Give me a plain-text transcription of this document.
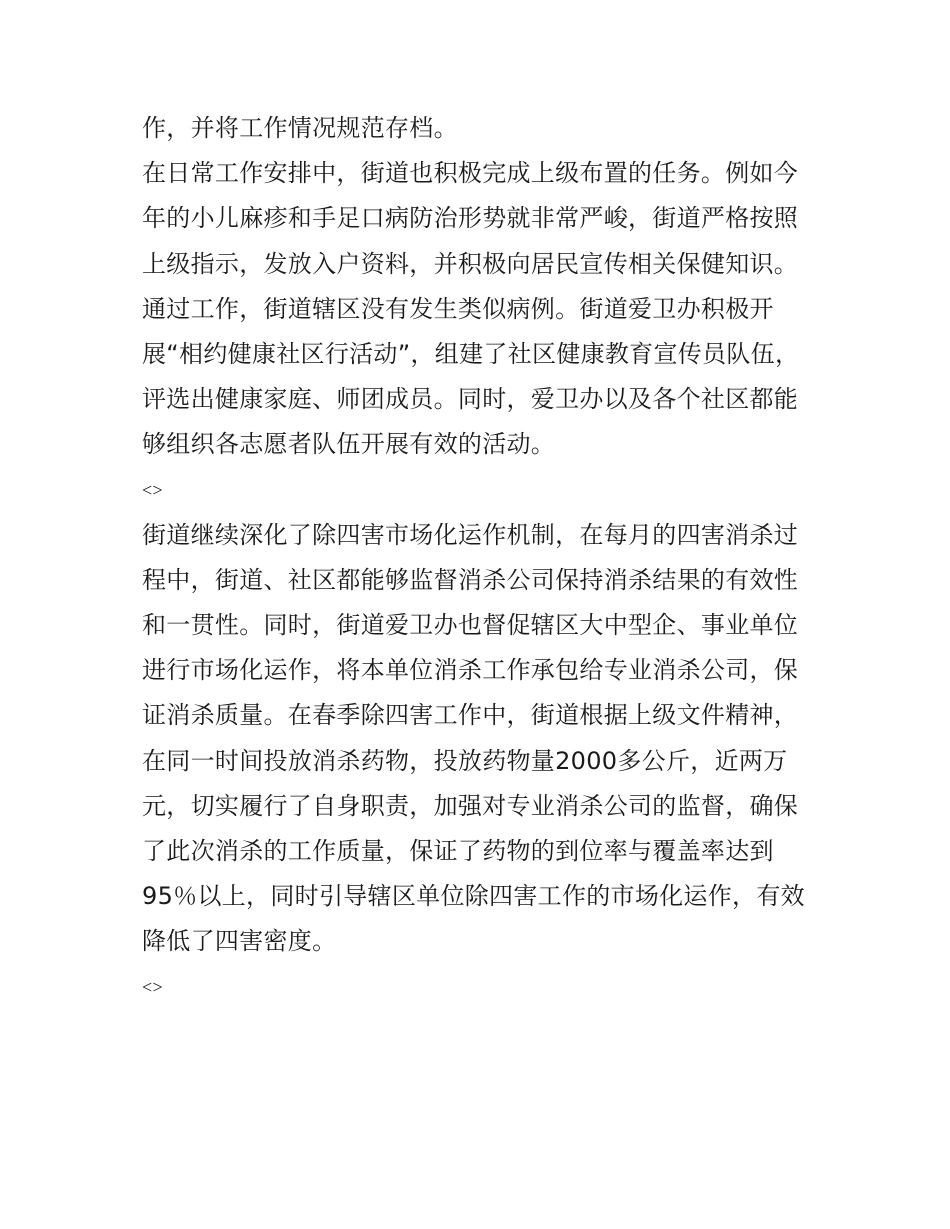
作，并将工作情况规范存档。
在日常工作安排中，街道也积极完成上级布置的任务。例如今
年的小儿麻疹和手足口病防治形势就非常严峻，街道严格按照
上级指示，发放入户资料，并积极向居民宣传相关保健知识。
通过工作，街道辖区没有发生类似病例。街道爱卫办积极开
展“相约健康社区行活动”，组建了社区健康教育宣传员队伍，
评选出健康家庭、师团成员。同时，爱卫办以及各个社区都能
够组织各志愿者队伍开展有效的活动。
<>
街道继续深化了除四害市场化运作机制，在每月的四害消杀过
程中，街道、社区都能够监督消杀公司保持消杀结果的有效性
和一贯性。同时，街道爱卫办也督促辖区大中型企、事业单位
进行市场化运作，将本单位消杀工作承包给专业消杀公司，保
证消杀质量。在春季除四害工作中，街道根据上级文件精神，
在同一时间投放消杀药物，投放药物量2000多公斤，近两万
元，切实履行了自身职责，加强对专业消杀公司的监督，确保
了此次消杀的工作质量，保证了药物的到位率与覆盖率达到
95％以上，同时引导辖区单位除四害工作的市场化运作，有效
降低了四害密度。
<>
